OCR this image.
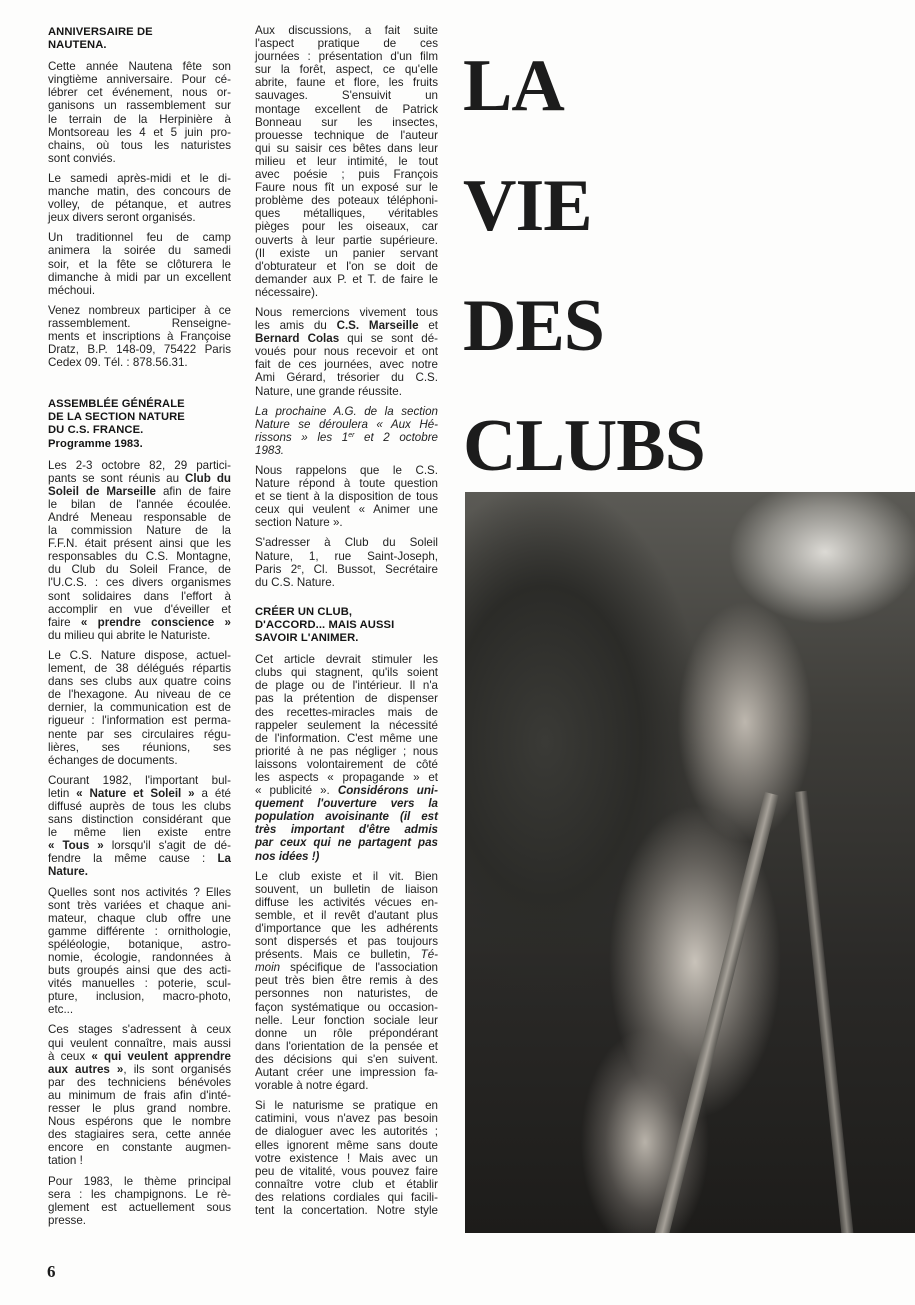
ANNIVERSAIRE DE
NAUTENA.
Cette année Nautena fête son
vingtième anniversaire. Pour cé-
lébrer cet événement, nous or-
ganisons un rassemblement sur
le terrain de la Herpinière à
Montsoreau les 4 et 5 juin pro-
chains, où tous les naturistes
sont conviés.
Le samedi après-midi et le di-
manche matin, des concours de
volley, de pétanque, et autres
jeux divers seront organisés.
Un traditionnel feu de camp
animera la soirée du samedi
soir, et la fête se clôturera le
dimanche à midi par un excellent
méchoui.
Venez nombreux participer à ce
rassemblement. Renseigne-
ments et inscriptions à Françoise
Dratz, B.P. 148-09, 75422 Paris
Cedex 09. Tél. : 878.56.31.
ASSEMBLÉE GÉNÉRALE
DE LA SECTION NATURE
DU C.S. FRANCE.
Programme 1983.
Les 2-3 octobre 82, 29 partici-
pants se sont réunis au Club du
Soleil de Marseille afin de faire
le bilan de l'année écoulée.
André Meneau responsable de
la commission Nature de la
F.F.N. était présent ainsi que les
responsables du C.S. Montagne,
du Club du Soleil France, de
l'U.C.S. : ces divers organismes
sont solidaires dans l'effort à
accomplir en vue d'éveiller et
faire « prendre conscience »
du milieu qui abrite le Naturiste.
Le C.S. Nature dispose, actuel-
lement, de 38 délégués répartis
dans ses clubs aux quatre coins
de l'hexagone. Au niveau de ce
dernier, la communication est de
rigueur : l'information est perma-
nente par ses circulaires régu-
lières, ses réunions, ses
échanges de documents.
Courant 1982, l'important bul-
letin « Nature et Soleil » a été
diffusé auprès de tous les clubs
sans distinction considérant que
le même lien existe entre
« Tous » lorsqu'il s'agit de dé-
fendre la même cause : La
Nature.
Quelles sont nos activités ? Elles
sont très variées et chaque ani-
mateur, chaque club offre une
gamme différente : ornithologie,
spéléologie, botanique, astro-
nomie, écologie, randonnées à
buts groupés ainsi que des acti-
vités manuelles : poterie, scul-
pture, inclusion, macro-photo,
etc...
Ces stages s'adressent à ceux
qui veulent connaître, mais aussi
à ceux « qui veulent apprendre
aux autres », ils sont organisés
par des techniciens bénévoles
au minimum de frais afin d'inté-
resser le plus grand nombre.
Nous espérons que le nombre
des stagiaires sera, cette année
encore en constante augmen-
tation !
Pour 1983, le thème principal
sera : les champignons. Le rè-
glement est actuellement sous
presse.
Aux discussions, a fait suite
l'aspect pratique de ces
journées : présentation d'un film
sur la forêt, aspect, ce qu'elle
abrite, faune et flore, les fruits
sauvages. S'ensuivit un
montage excellent de Patrick
Bonneau sur les insectes,
prouesse technique de l'auteur
qui su saisir ces bêtes dans leur
milieu et leur intimité, le tout
avec poésie ; puis François
Faure nous fît un exposé sur le
problème des poteaux téléphoni-
ques métalliques, véritables
pièges pour les oiseaux, car
ouverts à leur partie supérieure.
(Il existe un panier servant
d'obturateur et l'on se doit de
demander aux P. et T. de faire le
nécessaire).
Nous remercions vivement tous
les amis du C.S. Marseille et
Bernard Colas qui se sont dé-
voués pour nous recevoir et ont
fait de ces journées, avec notre
Ami Gérard, trésorier du C.S.
Nature, une grande réussite.
La prochaine A.G. de la section
Nature se déroulera « Aux Hé-
rissons » les 1er et 2 octobre
1983.
Nous rappelons que le C.S.
Nature répond à toute question
et se tient à la disposition de tous
ceux qui veulent « Animer une
section Nature ».
S'adresser à Club du Soleil
Nature, 1, rue Saint-Joseph,
Paris 2e, Cl. Bussot, Secrétaire
du C.S. Nature.
CRÉER UN CLUB,
D'ACCORD... MAIS AUSSI
SAVOIR L'ANIMER.
Cet article devrait stimuler les
clubs qui stagnent, qu'ils soient
de plage ou de l'intérieur. Il n'a
pas la prétention de dispenser
des recettes-miracles mais de
rappeler seulement la nécessité
de l'information. C'est même une
priorité à ne pas négliger ; nous
laissons volontairement de côté
les aspects « propagande » et
« publicité ». Considérons uni-
quement l'ouverture vers la
population avoisinante (il est
très important d'être admis
par ceux qui ne partagent pas
nos idées !)
Le club existe et il vit. Bien
souvent, un bulletin de liaison
diffuse les activités vécues en-
semble, et il revêt d'autant plus
d'importance que les adhérents
sont dispersés et pas toujours
présents. Mais ce bulletin, Té-
moin spécifique de l'association
peut très bien être remis à des
personnes non naturistes, de
façon systématique ou occasion-
nelle. Leur fonction sociale leur
donne un rôle prépondérant
dans l'orientation de la pensée et
des décisions qui s'en suivent.
Autant créer une impression fa-
vorable à notre égard.
Si le naturisme se pratique en
catimini, vous n'avez pas besoin
de dialoguer avec les autorités ;
elles ignorent même sans doute
votre existence ! Mais avec un
peu de vitalité, vous pouvez faire
connaître votre club et établir
des relations cordiales qui facili-
tent la concertation. Notre style
LA
VIE
DES
CLUBS
6
